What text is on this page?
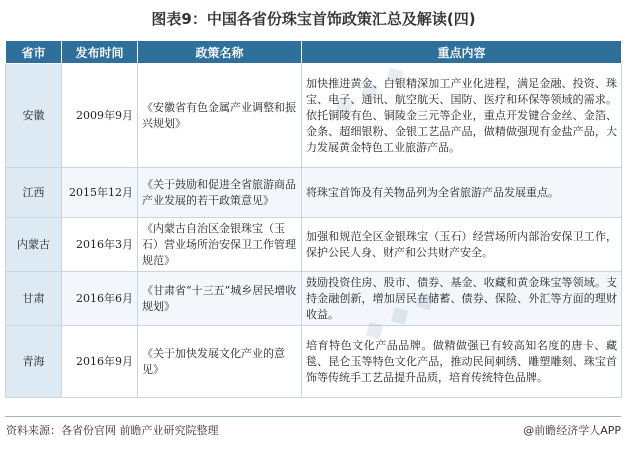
图表9：中国各省份珠宝首饰政策汇总及解读(四)
省市	发布时间	政策名称	重点内容
安徽	2009年9月	《安徽省有色金属产业调整和振兴规划》	加快推进黄金、白银精深加工产业化进程，满足金融、投资、珠宝、电子、通讯、航空航天、国防、医疗和环保等领域的需求。依托铜陵有色、铜陵金三元等企业，重点开发键合金丝、金箔、金条、超细银粉、金银工艺品产品，做精做强现有金盐产品，大力发展黄金特色工业旅游产品。
江西	2015年12月	《关于鼓励和促进全省旅游商品产业发展的若干政策意见》	将珠宝首饰及有关物品列为全省旅游产品发展重点。
内蒙古	2016年3月	《内蒙古自治区金银珠宝（玉石）营业场所治安保卫工作管理规范》	加强和规范全区金银珠宝（玉石）经营场所内部治安保卫工作，保护公民人身、财产和公共财产安全。
甘肃	2016年6月	《甘肃省“十三五”城乡居民增收规划》	鼓励投资住房、股市、债券、基金、收藏和黄金珠宝等领域。支持金融创新，增加居民在储蓄、债券、保险、外汇等方面的理财收益。
青海	2016年9月	《关于加快发展文化产业的意见》	培育特色文化产品品牌。做精做强已有较高知名度的唐卡、藏毯、昆仑玉等特色文化产品，推动民间刺绣、雕塑雕刻、珠宝首饰等传统手工艺品提升品质，培育传统特色品牌。
◆ ◆ ◆
资料来源：各省份官网 前瞻产业研究院整理	@前瞻经济学人APP
